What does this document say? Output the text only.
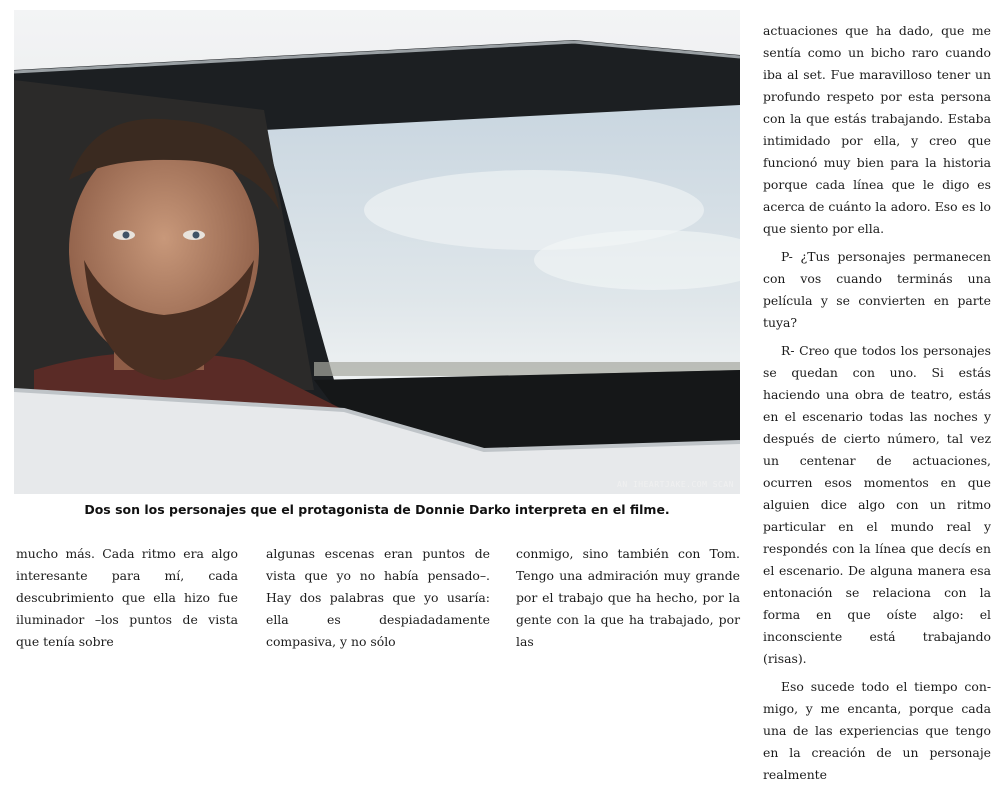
AN IHEARTJAKE.COM SCAN
Dos son los personajes que el protagonista de Donnie Darko interpreta en el filme.

mucho más. Cada ritmo era algo interesante para mí, cada descubrimiento que ella hizo fue iluminador –los puntos de vista que tenía sobre

algunas escenas eran puntos de vista que yo no había pensado–. Hay dos palabras que yo usaría: ella es despiadadamente compasiva, y no sólo

conmigo, sino también con Tom. Tengo una admiración muy grande por el trabajo que ha hecho, por la gente con la que ha trabajado, por las

actuaciones que ha dado, que me sentía como un bicho raro cuando iba al set. Fue maravilloso tener un profundo respeto por esta persona con la que estás trabajando. Estaba intimidado por ella, y creo que funcionó muy bien para la historia porque cada línea que le digo es acerca de cuánto la adoro. Eso es lo que siento por ella.

P- ¿Tus personajes permanecen con vos cuando terminás una película y se convierten en parte tuya?

R- Creo que todos los personajes se quedan con uno. Si estás haciendo una obra de teatro, estás en el escenario todas las noches y después de cierto número, tal vez un centenar de actuaciones, ocurren esos momentos en que alguien dice algo con un ritmo particular en el mundo real y respondés con la línea que decís en el escenario. De alguna manera esa entonación se relaciona con la forma en que oíste algo: el inconsciente está trabajando (risas).

Eso sucede todo el tiempo conmigo, y me encanta, porque cada una de las experiencias que tengo en la creación de un personaje realmente
